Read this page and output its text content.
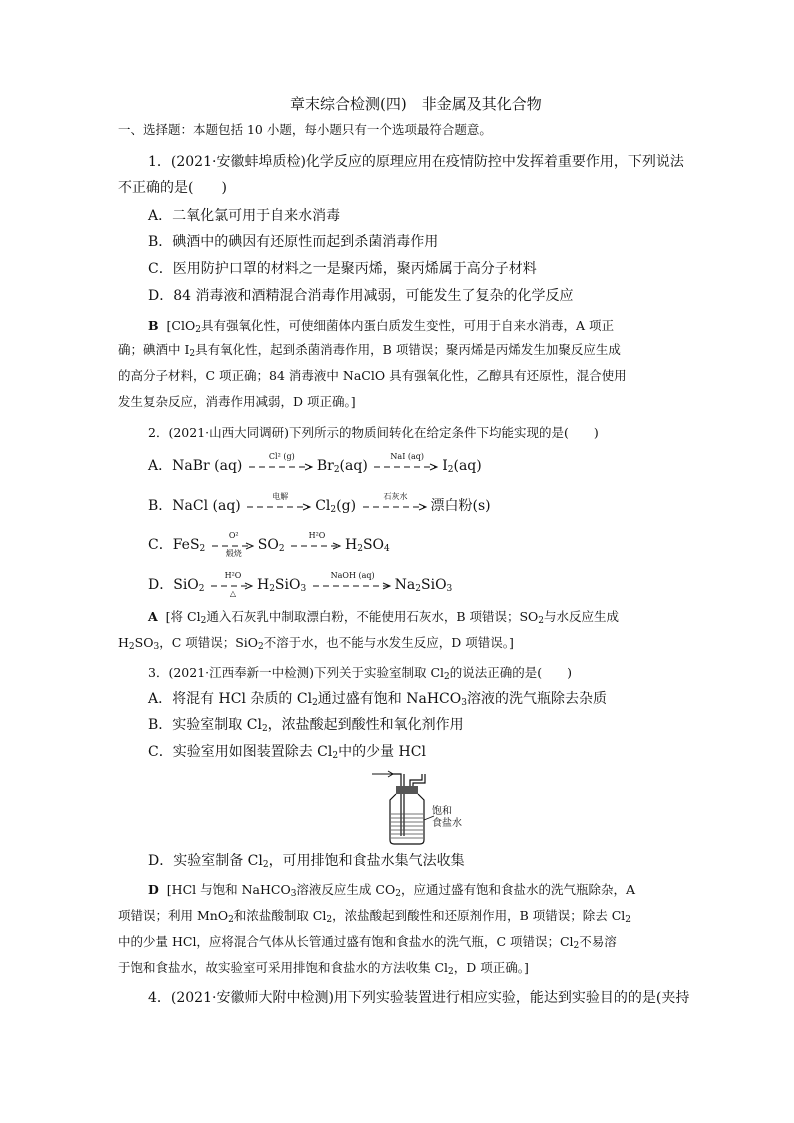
章末综合检测(四)　非金属及其化合物
一、选择题：本题包括 10 小题，每小题只有一个选项最符合题意。
1．(2021·安徽蚌埠质检)化学反应的原理应用在疫情防控中发挥着重要作用，下列说法
不正确的是(　　)
A．二氧化氯可用于自来水消毒
B．碘酒中的碘因有还原性而起到杀菌消毒作用
C．医用防护口罩的材料之一是聚丙烯，聚丙烯属于高分子材料
D．84 消毒液和酒精混合消毒作用减弱，可能发生了复杂的化学反应
B [ClO$_2$具有强氧化性，可使细菌体内蛋白质发生变性，可用于自来水消毒，A 项正
确；碘酒中 $I_2$具有氧化性，起到杀菌消毒作用，B 项错误；聚丙烯是丙烯发生加聚反应生成
的高分子材料，C 项正确；84 消毒液中 NaClO 具有强氧化性，乙醇具有还原性，混合使用
发生复杂反应，消毒作用减弱，D 项正确。]
2．(2021·山西大同调研)下列所示的物质间转化在给定条件下均能实现的是(　　)
A．NaBr (aq)
Cl² (g)
$Br_2(aq)$
NaI (aq)
$I_2(aq)$
B．NaCl (aq)
电解
$Cl_2(g)$
石灰水
漂白粉(s)
C．FeS$_2$
O²
煅烧
$SO_2$
H²O
$H_2SO_4$
D．SiO$_2$
H²O
△
$H_2SiO_3$
NaOH (aq)
$Na_2SiO_3$
A [将 $Cl_2$通入石灰乳中制取漂白粉，不能使用石灰水，B 项错误；$SO_2$与水反应生成
$H_2SO_3$，C 项错误；SiO$_2$不溶于水，也不能与水发生反应，D 项错误。]
3．(2021·江西奉新一中检测)下列关于实验室制取 $Cl_2$的说法正确的是(　　)
A．将混有 HCl 杂质的 $Cl_2$通过盛有饱和 NaHCO$_3$溶液的洗气瓶除去杂质
B．实验室制取 $Cl_2$，浓盐酸起到酸性和氧化剂作用
C．实验室用如图装置除去 $Cl_2$中的少量 HCl
饱和
食盐水
D．实验室制备 $Cl_2$，可用排饱和食盐水集气法收集
D [HCl 与饱和 NaHCO$_3$溶液反应生成 $CO_2$，应通过盛有饱和食盐水的洗气瓶除杂，A
项错误；利用 MnO$_2$和浓盐酸制取 $Cl_2$，浓盐酸起到酸性和还原剂作用，B 项错误；除去 $Cl_2$
中的少量 HCl，应将混合气体从长管通过盛有饱和食盐水的洗气瓶，C 项错误；$Cl_2$不易溶
于饱和食盐水，故实验室可采用排饱和食盐水的方法收集 $Cl_2$，D 项正确。]
4．(2021·安徽师大附中检测)用下列实验装置进行相应实验，能达到实验目的的是(夹持
